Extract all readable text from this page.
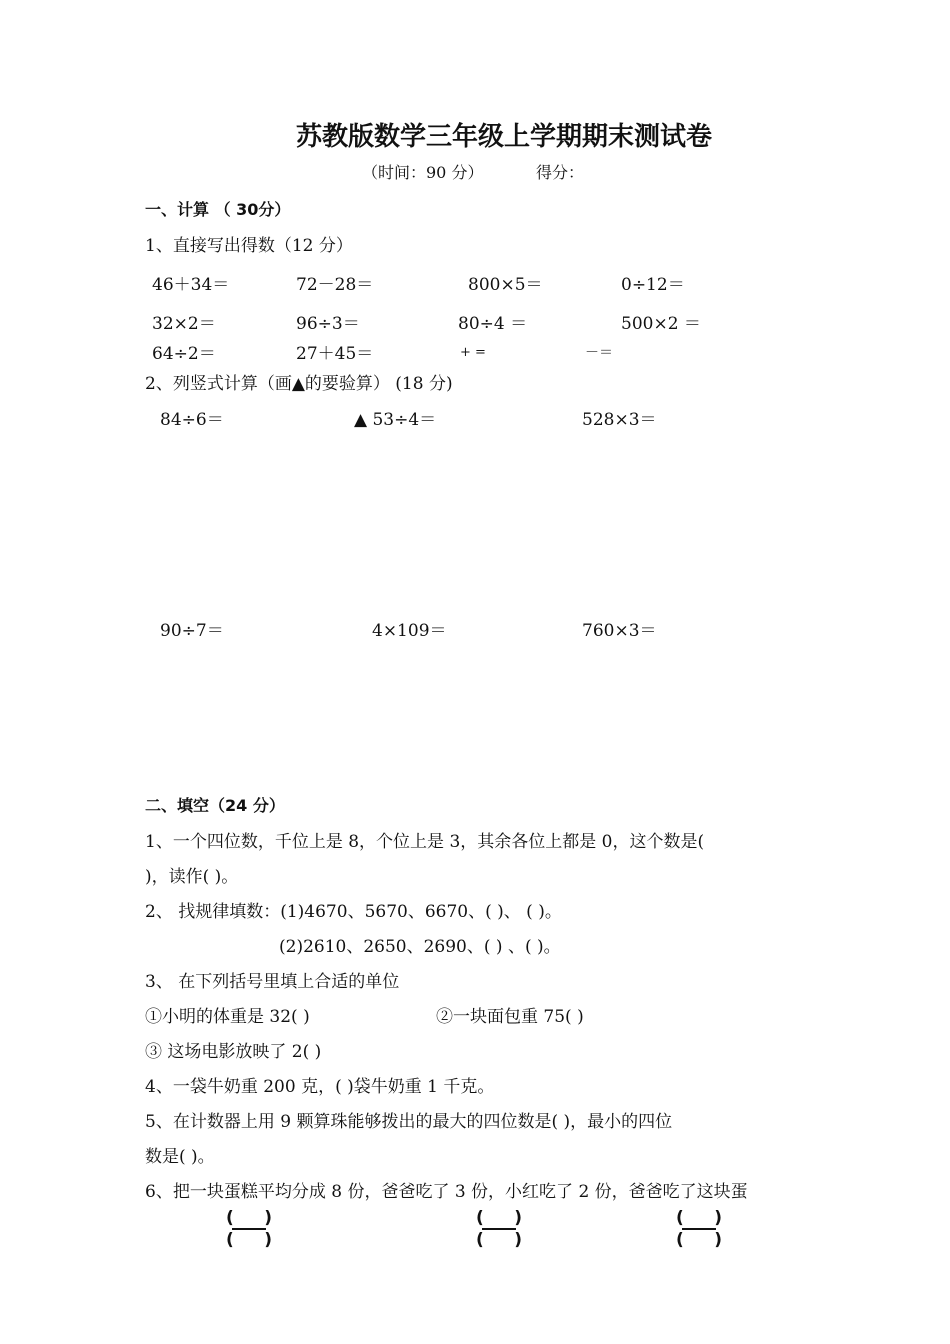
苏教版数学三年级上学期期末测试卷
（时间：90 分）	得分：
一、计算 （ 30分）
1、直接写出得数（12 分）
46＋34＝	72－28＝	800×5＝	0÷12＝
32×2＝	96÷3＝	80÷4 ＝	500×2 ＝
64÷2＝	27＋45＝	+ =	－＝
2、列竖式计算（画▲的要验算） (18 分)
84÷6＝	▲ 53÷4＝	528×3＝
90÷7＝	4×109＝	760×3＝
二、填空（24 分）
1、一个四位数，千位上是 8，个位上是 3，其余各位上都是 0，这个数是(
)，读作( )。
2、 找规律填数：(1)4670、5670、6670、( )、 ( )。
(2)2610、2650、2690、( ) 、( )。
3、 在下列括号里填上合适的单位
①小明的体重是 32( )	②一块面包重 75( )
③ 这场电影放映了 2( )
4、一袋牛奶重 200 克，( )袋牛奶重 1 千克。
5、在计数器上用 9 颗算珠能够拨出的最大的四位数是( )，最小的四位
数是( )。
6、把一块蛋糕平均分成 8 份，爸爸吃了 3 份，小红吃了 2 份，爸爸吃了这块蛋
( )
( )
( )
( )
( )
( )
